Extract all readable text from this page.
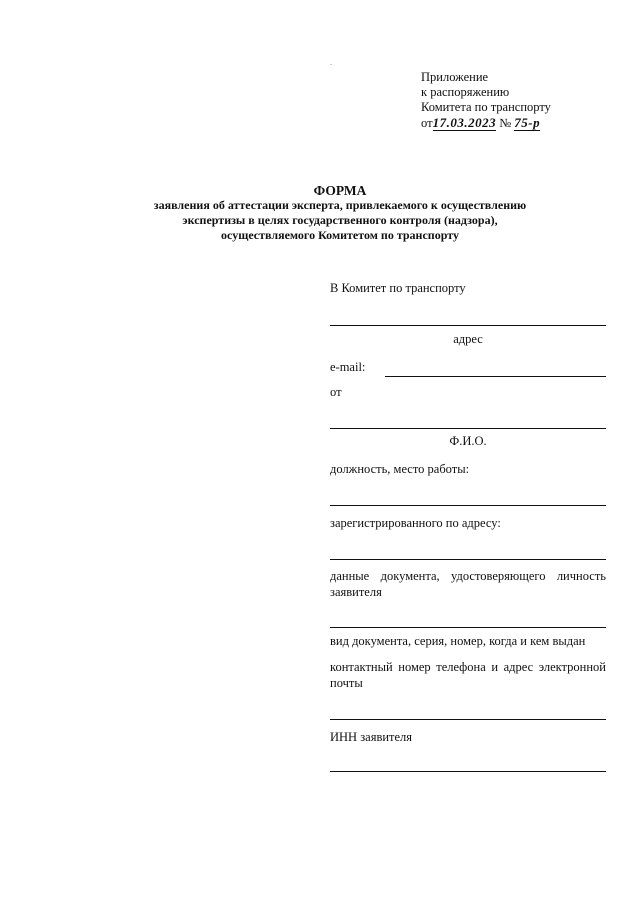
.
Приложение
к распоряжению
Комитета по транспорту
от17.03.2023 № 75-р
ФОРМА
заявления об аттестации эксперта, привлекаемого к осуществлению
экспертизы в целях государственного контроля (надзора),
осуществляемого Комитетом по транспорту
В Комитет по транспорту
адрес
e-mail:
от
Ф.И.О.
должность, место работы:
зарегистрированного по адресу:
данные документа, удостоверяющего личность
заявителя
вид документа, серия, номер, когда и кем выдан
контактный номер телефона и адрес электронной
почты
ИНН заявителя
